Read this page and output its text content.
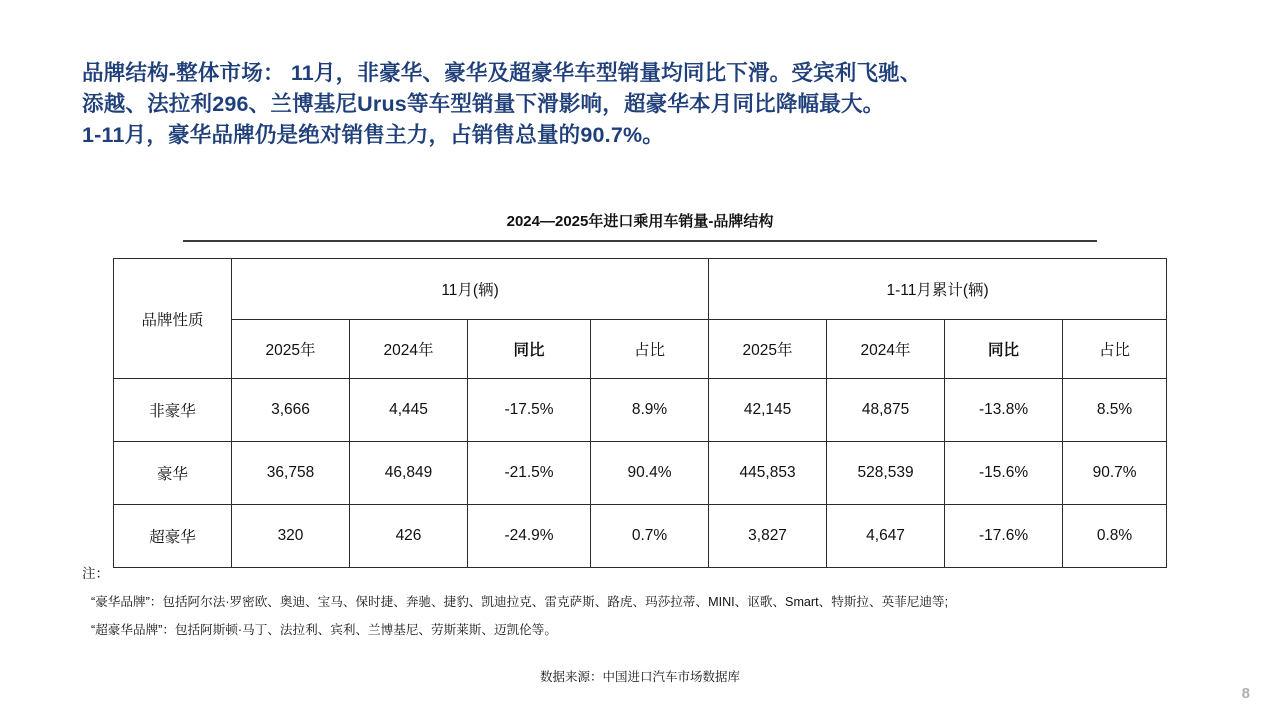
品牌结构-整体市场： 11月，非豪华、豪华及超豪华车型销量均同比下滑。受宾利飞驰、
添越、法拉利296、兰博基尼Urus等车型销量下滑影响，超豪华本月同比降幅最大。
1-11月，豪华品牌仍是绝对销售主力，占销售总量的90.7%。
2024—2025年进口乘用车销量-品牌结构
品牌性质	11月(辆)				1-11月累计(辆)			
	2025年	2024年	同比	占比	2025年	2024年	同比	占比
非豪华	3,666	4,445	-17.5%	8.9%	42,145	48,875	-13.8%	8.5%
豪华	36,758	46,849	-21.5%	90.4%	445,853	528,539	-15.6%	90.7%
超豪华	320	426	-24.9%	0.7%	3,827	4,647	-17.6%	0.8%
注：
“豪华品牌”：包括阿尔法·罗密欧、奥迪、宝马、保时捷、奔驰、捷豹、凯迪拉克、雷克萨斯、路虎、玛莎拉蒂、MINI、讴歌、Smart、特斯拉、英菲尼迪等;
“超豪华品牌”：包括阿斯顿·马丁、法拉利、宾利、兰博基尼、劳斯莱斯、迈凯伦等。
数据来源：中国进口汽车市场数据库
8
